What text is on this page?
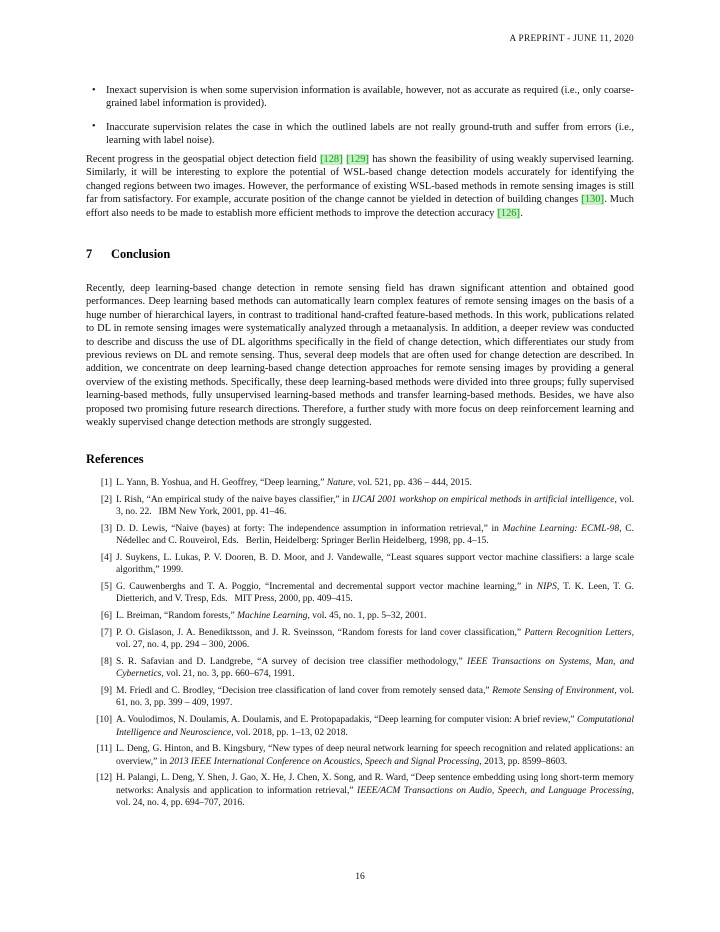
A PREPRINT - JUNE 11, 2020
• Inexact supervision is when some supervision information is available, however, not as accurate as required (i.e., only coarse-grained label information is provided).
• Inaccurate supervision relates the case in which the outlined labels are not really ground-truth and suffer from errors (i.e., learning with label noise).

Recent progress in the geospatial object detection field [128] [129] has shown the feasibility of using weakly supervised learning. Similarly, it will be interesting to explore the potential of WSL-based change detection models accurately for identifying the changed regions between two images. However, the performance of existing WSL-based methods in remote sensing images is still far from satisfactory. For example, accurate position of the change cannot be yielded in detection of building changes [130]. Much effort also needs to be made to establish more efficient methods to improve the detection accuracy [126].

7 Conclusion

Recently, deep learning-based change detection in remote sensing field has drawn significant attention and obtained good performances. Deep learning based methods can automatically learn complex features of remote sensing images on the basis of a huge number of hierarchical layers, in contrast to traditional hand-crafted feature-based methods. In this work, publications related to DL in remote sensing images were systematically analyzed through a metaanalysis. In addition, a deeper review was conducted to describe and discuss the use of DL algorithms specifically in the field of change detection, which differentiates our study from previous reviews on DL and remote sensing. Thus, several deep models that are often used for change detection are described. In addition, we concentrate on deep learning-based change detection approaches for remote sensing images by providing a general overview of the existing methods. Specifically, these deep learning-based methods were divided into three groups; fully supervised learning-based methods, fully unsupervised learning-based methods and transfer learning-based methods. Besides, we have also proposed two promising future research directions. Therefore, a further study with more focus on deep reinforcement learning and weakly supervised change detection methods are strongly suggested.

References
[1] L. Yann, B. Yoshua, and H. Geoffrey, “Deep learning,” Nature, vol. 521, pp. 436 – 444, 2015.
[2] I. Rish, “An empirical study of the naive bayes classifier,” in IJCAI 2001 workshop on empirical methods in artificial intelligence, vol. 3, no. 22. IBM New York, 2001, pp. 41–46.
[3] D. D. Lewis, “Naive (bayes) at forty: The independence assumption in information retrieval,” in Machine Learning: ECML-98, C. Nédellec and C. Rouveirol, Eds. Berlin, Heidelberg: Springer Berlin Heidelberg, 1998, pp. 4–15.
[4] J. Suykens, L. Lukas, P. V. Dooren, B. D. Moor, and J. Vandewalle, “Least squares support vector machine classifiers: a large scale algorithm,” 1999.
[5] G. Cauwenberghs and T. A. Poggio, “Incremental and decremental support vector machine learning,” in NIPS, T. K. Leen, T. G. Dietterich, and V. Tresp, Eds. MIT Press, 2000, pp. 409–415.
[6] L. Breiman, “Random forests,” Machine Learning, vol. 45, no. 1, pp. 5–32, 2001.
[7] P. O. Gislason, J. A. Benediktsson, and J. R. Sveinsson, “Random forests for land cover classification,” Pattern Recognition Letters, vol. 27, no. 4, pp. 294 – 300, 2006.
[8] S. R. Safavian and D. Landgrebe, “A survey of decision tree classifier methodology,” IEEE Transactions on Systems, Man, and Cybernetics, vol. 21, no. 3, pp. 660–674, 1991.
[9] M. Friedl and C. Brodley, “Decision tree classification of land cover from remotely sensed data,” Remote Sensing of Environment, vol. 61, no. 3, pp. 399 – 409, 1997.
[10] A. Voulodimos, N. Doulamis, A. Doulamis, and E. Protopapadakis, “Deep learning for computer vision: A brief review,” Computational Intelligence and Neuroscience, vol. 2018, pp. 1–13, 02 2018.
[11] L. Deng, G. Hinton, and B. Kingsbury, “New types of deep neural network learning for speech recognition and related applications: an overview,” in 2013 IEEE International Conference on Acoustics, Speech and Signal Processing, 2013, pp. 8599–8603.
[12] H. Palangi, L. Deng, Y. Shen, J. Gao, X. He, J. Chen, X. Song, and R. Ward, “Deep sentence embedding using long short-term memory networks: Analysis and application to information retrieval,” IEEE/ACM Transactions on Audio, Speech, and Language Processing, vol. 24, no. 4, pp. 694–707, 2016.
16
